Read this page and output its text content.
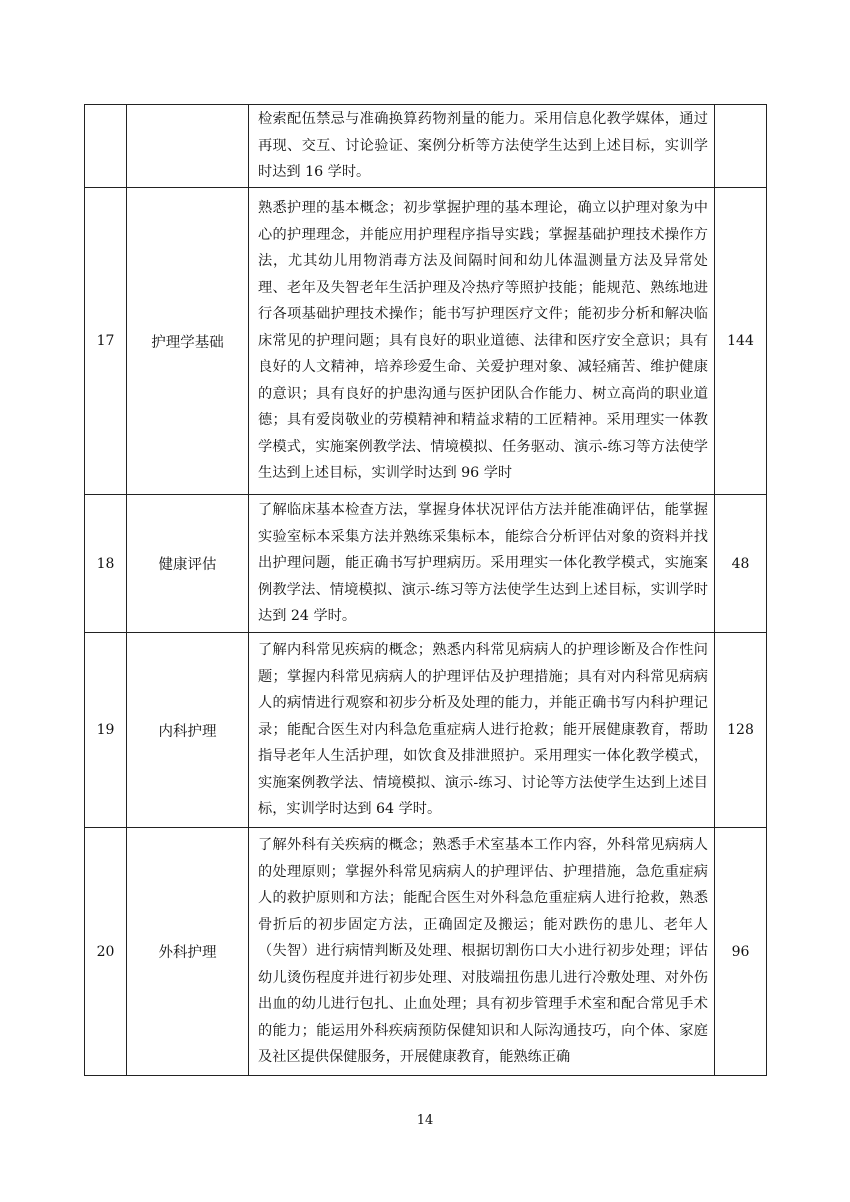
		检索配伍禁忌与准确换算药物剂量的能力。采用信息化教学媒体，通过再现、交互、讨论验证、案例分析等方法使学生达到上述目标，实训学时达到 16 学时。	
17	护理学基础	熟悉护理的基本概念；初步掌握护理的基本理论，确立以护理对象为中心的护理理念，并能应用护理程序指导实践；掌握基础护理技术操作方法，尤其幼儿用物消毒方法及间隔时间和幼儿体温测量方法及异常处理、老年及失智老年生活护理及冷热疗等照护技能；能规范、熟练地进行各项基础护理技术操作；能书写护理医疗文件；能初步分析和解决临床常见的护理问题；具有良好的职业道德、法律和医疗安全意识；具有良好的人文精神，培养珍爱生命、关爱护理对象、减轻痛苦、维护健康的意识；具有良好的护患沟通与医护团队合作能力、树立高尚的职业道德；具有爱岗敬业的劳模精神和精益求精的工匠精神。采用理实一体教学模式，实施案例教学法、情境模拟、任务驱动、演示-练习等方法使学生达到上述目标，实训学时达到 96 学时	144
18	健康评估	了解临床基本检查方法，掌握身体状况评估方法并能准确评估，能掌握实验室标本采集方法并熟练采集标本，能综合分析评估对象的资料并找出护理问题，能正确书写护理病历。采用理实一体化教学模式，实施案例教学法、情境模拟、演示-练习等方法使学生达到上述目标，实训学时达到 24 学时。	48
19	内科护理	了解内科常见疾病的概念；熟悉内科常见病病人的护理诊断及合作性问题；掌握内科常见病病人的护理评估及护理措施；具有对内科常见病病人的病情进行观察和初步分析及处理的能力，并能正确书写内科护理记录；能配合医生对内科急危重症病人进行抢救；能开展健康教育，帮助指导老年人生活护理，如饮食及排泄照护。采用理实一体化教学模式，实施案例教学法、情境模拟、演示-练习、讨论等方法使学生达到上述目标，实训学时达到 64 学时。	128
20	外科护理	了解外科有关疾病的概念；熟悉手术室基本工作内容，外科常见病病人的处理原则；掌握外科常见病病人的护理评估、护理措施，急危重症病人的救护原则和方法；能配合医生对外科急危重症病人进行抢救，熟悉骨折后的初步固定方法，正确固定及搬运；能对跌伤的患儿、老年人（失智）进行病情判断及处理、根据切割伤口大小进行初步处理；评估幼儿烫伤程度并进行初步处理、对肢端扭伤患儿进行冷敷处理、对外伤出血的幼儿进行包扎、止血处理；具有初步管理手术室和配合常见手术的能力；能运用外科疾病预防保健知识和人际沟通技巧，向个体、家庭及社区提供保健服务，开展健康教育，能熟练正确	96
14
